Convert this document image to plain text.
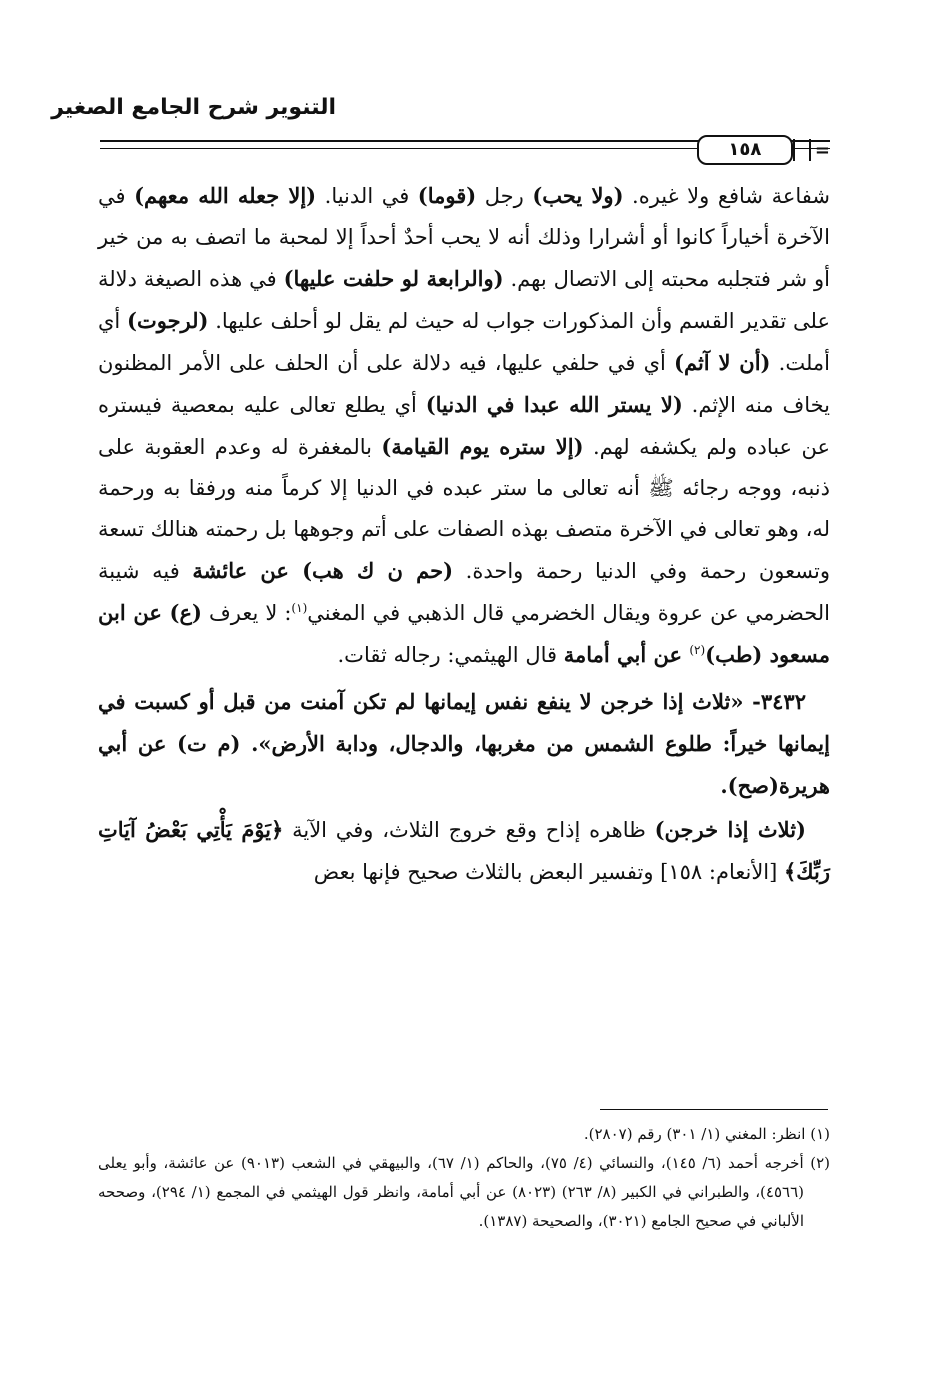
التنوير شرح الجامع الصغير
١٥٨	=

شفاعة شافع ولا غيره. (ولا يحب) رجل (قوما) في الدنيا. (إلا جعله الله معهم) في الآخرة أخياراً كانوا أو أشرارا وذلك أنه لا يحب أحدٌ أحداً إلا لمحبة ما اتصف به من خير أو شر فتجلبه محبته إلى الاتصال بهم. (والرابعة لو حلفت عليها) في هذه الصيغة دلالة على تقدير القسم وأن المذكورات جواب له حيث لم يقل لو أحلف عليها. (لرجوت) أي أملت. (أن لا آثم) أي في حلفي عليها، فيه دلالة على أن الحلف على الأمر المظنون يخاف منه الإثم. (لا يستر الله عبدا في الدنيا) أي يطلع تعالى عليه بمعصية فيستره عن عباده ولم يكشفه لهم. (إلا ستره يوم القيامة) بالمغفرة له وعدم العقوبة على ذنبه، ووجه رجائه ﷺ أنه تعالى ما ستر عبده في الدنيا إلا كرماً منه ورفقا به ورحمة له، وهو تعالى في الآخرة متصف بهذه الصفات على أتم وجوهها بل رحمته هنالك تسعة وتسعون رحمة وفي الدنيا رحمة واحدة. (حم ن ك هب) عن عائشة فيه شيبة الحضرمي عن عروة ويقال الخضرمي قال الذهبي في المغني$^{(١)}$: لا يعرف (ع) عن ابن مسعود (طب)$^{(٢)}$ عن أبي أمامة قال الهيثمي: رجاله ثقات.

٣٤٣٢- «ثلاث إذا خرجن لا ينفع نفس إيمانها لم تكن آمنت من قبل أو كسبت في إيمانها خيراً: طلوع الشمس من مغربها، والدجال، ودابة الأرض». (م ت) عن أبي هريرة(صح).

(ثلاث إذا خرجن) ظاهره إذاح وقع خروج الثلاث، وفي الآية ﴿يَوْمَ يَأْتِي بَعْضُ آيَاتِ رَبِّكَ﴾ [الأنعام: ١٥٨] وتفسير البعض بالثلاث صحيح فإنها بعض

(١) انظر: المغني (١/ ٣٠١) رقم (٢٨٠٧).

(٢) أخرجه أحمد (٦/ ١٤٥)، والنسائي (٤/ ٧٥)، والحاكم (١/ ٦٧)، والبيهقي في الشعب (٩٠١٣) عن عائشة، وأبو يعلى (٤٥٦٦)، والطبراني في الكبير (٨/ ٢٦٣) (٨٠٢٣) عن أبي أمامة، وانظر قول الهيثمي في المجمع (١/ ٢٩٤)، وصححه الألباني في صحيح الجامع (٣٠٢١)، والصحيحة (١٣٨٧).
